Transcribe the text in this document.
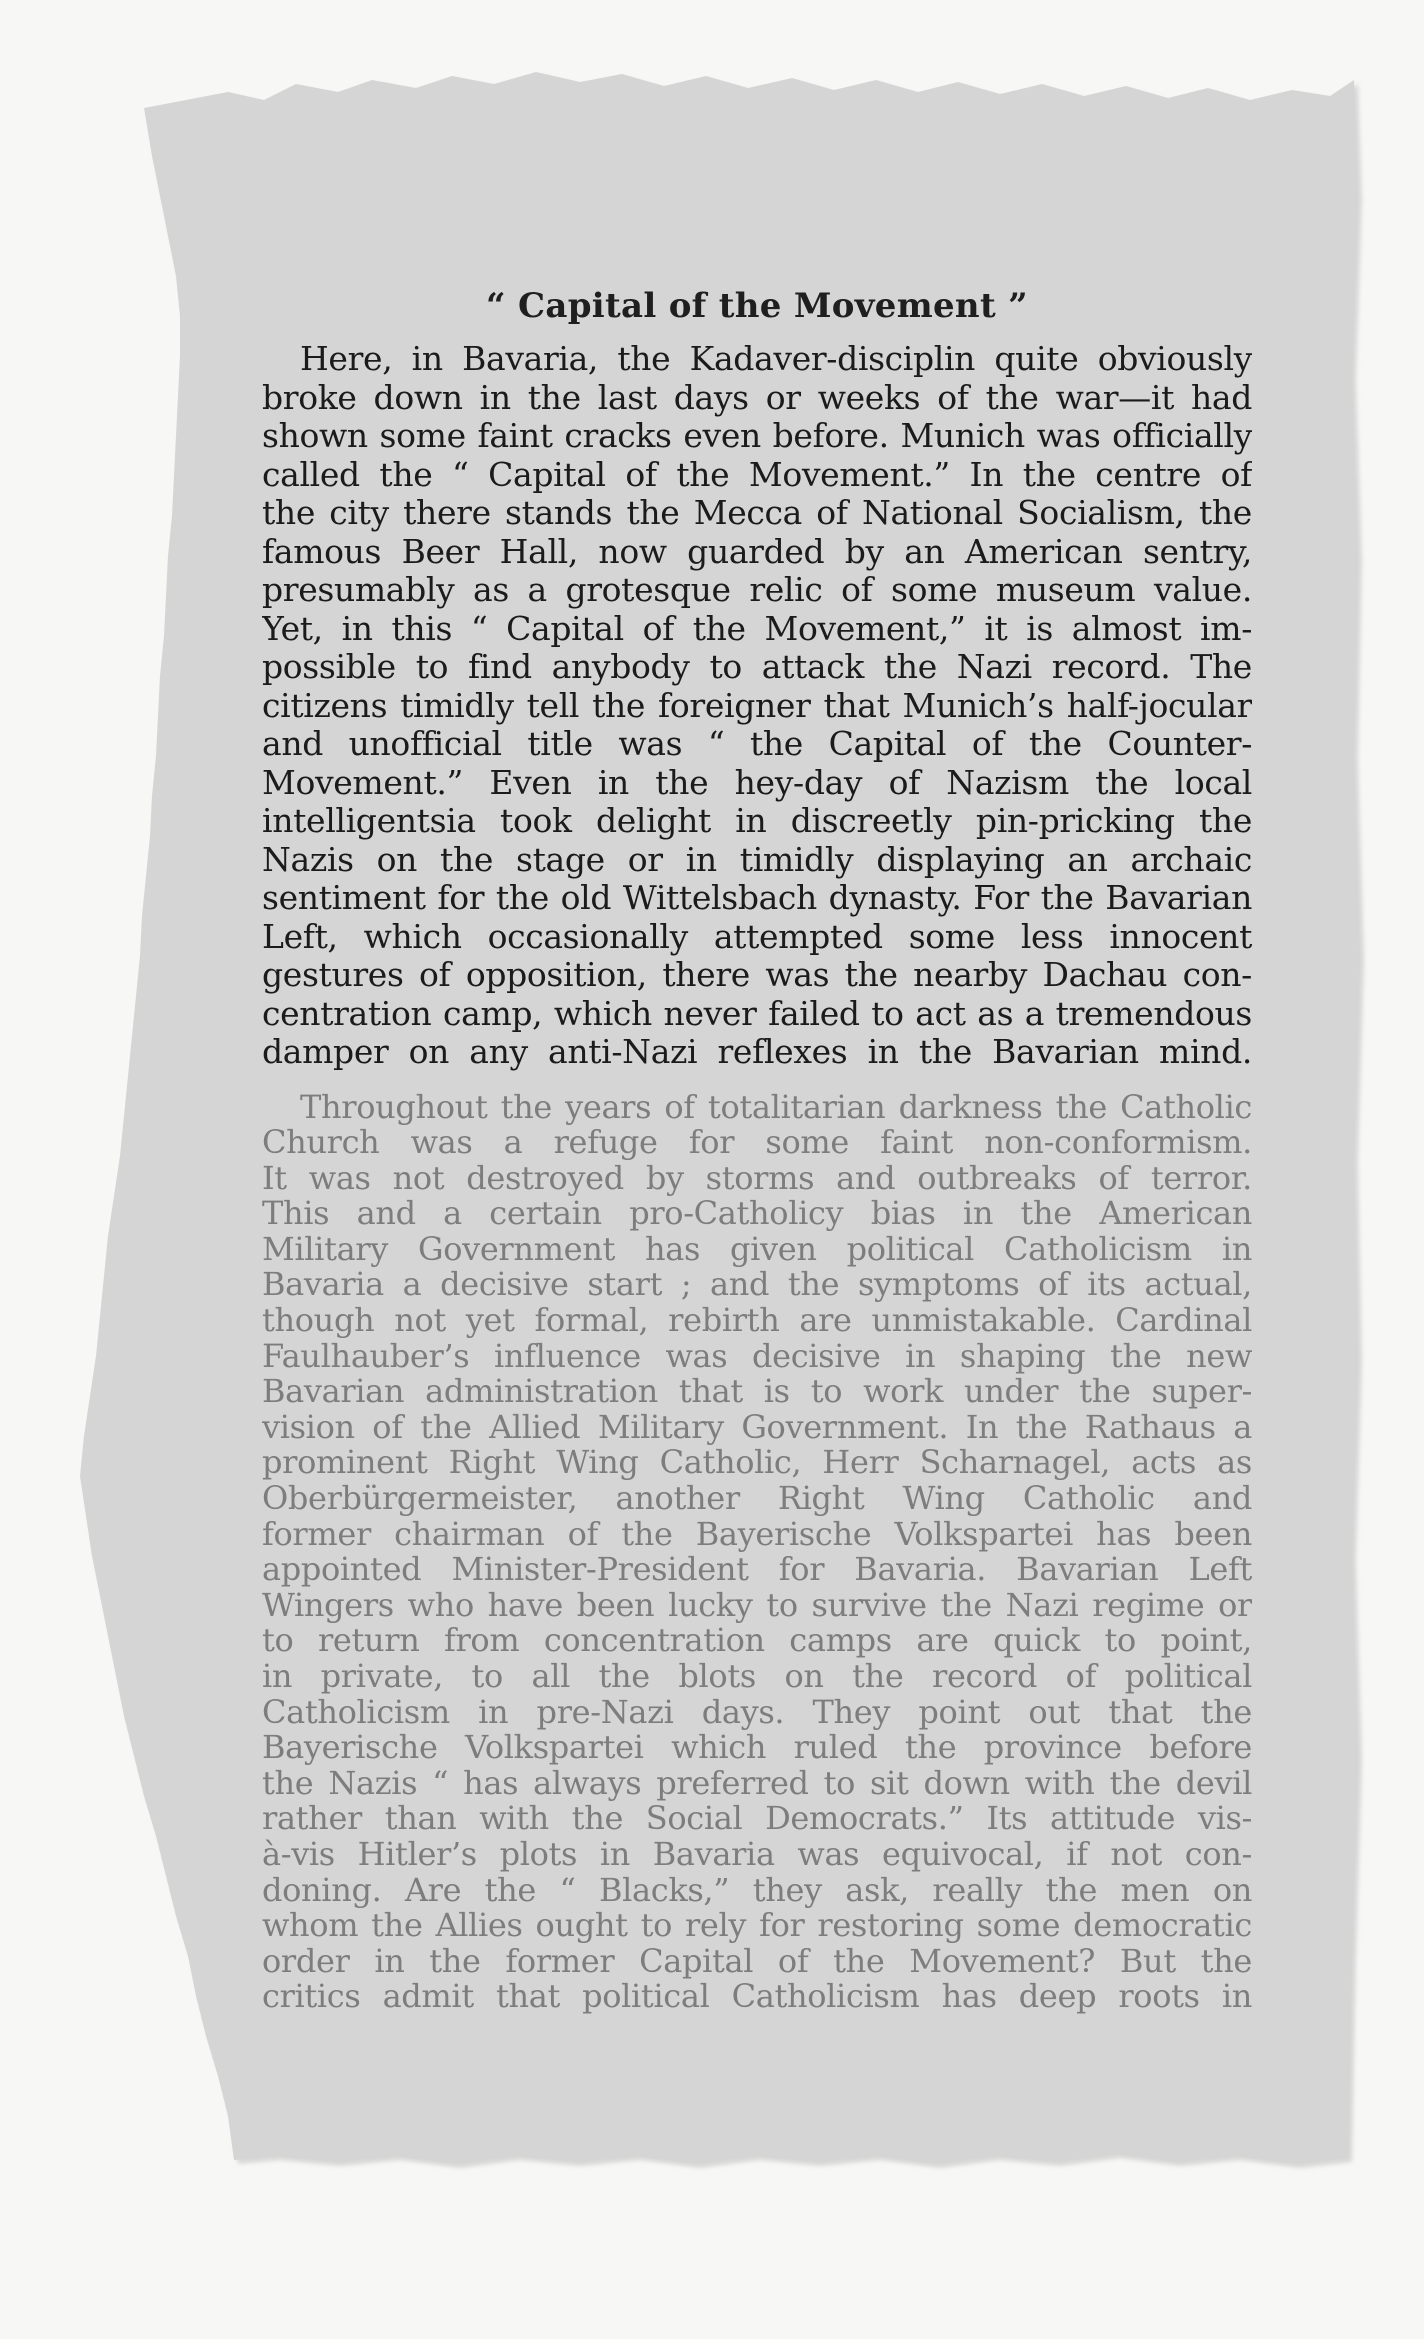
“ Capital of the Movement ”
Here, in Bavaria, the Kadaver-disciplin quite obviously
broke down in the last days or weeks of the war—it had
shown some faint cracks even before. Munich was officially
called the “ Capital of the Movement.” In the centre of
the city there stands the Mecca of National Socialism, the
famous Beer Hall, now guarded by an American sentry,
presumably as a grotesque relic of some museum value.
Yet, in this “ Capital of the Movement,” it is almost im-
possible to find anybody to attack the Nazi record. The
citizens timidly tell the foreigner that Munich’s half-jocular
and unofficial title was “ the Capital of the Counter-
Movement.” Even in the hey-day of Nazism the local
intelligentsia took delight in discreetly pin-pricking the
Nazis on the stage or in timidly displaying an archaic
sentiment for the old Wittelsbach dynasty. For the Bavarian
Left, which occasionally attempted some less innocent
gestures of opposition, there was the nearby Dachau con-
centration camp, which never failed to act as a tremendous
damper on any anti-Nazi reflexes in the Bavarian mind.
Throughout the years of totalitarian darkness the Catholic
Church was a refuge for some faint non-conformism.
It was not destroyed by storms and outbreaks of terror.
This and a certain pro-Catholicy bias in the American
Military Government has given political Catholicism in
Bavaria a decisive start ; and the symptoms of its actual,
though not yet formal, rebirth are unmistakable. Cardinal
Faulhauber’s influence was decisive in shaping the new
Bavarian administration that is to work under the super-
vision of the Allied Military Government. In the Rathaus a
prominent Right Wing Catholic, Herr Scharnagel, acts as
Oberbürgermeister, another Right Wing Catholic and
former chairman of the Bayerische Volkspartei has been
appointed Minister-President for Bavaria. Bavarian Left
Wingers who have been lucky to survive the Nazi regime or
to return from concentration camps are quick to point,
in private, to all the blots on the record of political
Catholicism in pre-Nazi days. They point out that the
Bayerische Volkspartei which ruled the province before
the Nazis “ has always preferred to sit down with the devil
rather than with the Social Democrats.” Its attitude vis-
à-vis Hitler’s plots in Bavaria was equivocal, if not con-
doning. Are the “ Blacks,” they ask, really the men on
whom the Allies ought to rely for restoring some democratic
order in the former Capital of the Movement? But the
critics admit that political Catholicism has deep roots in
